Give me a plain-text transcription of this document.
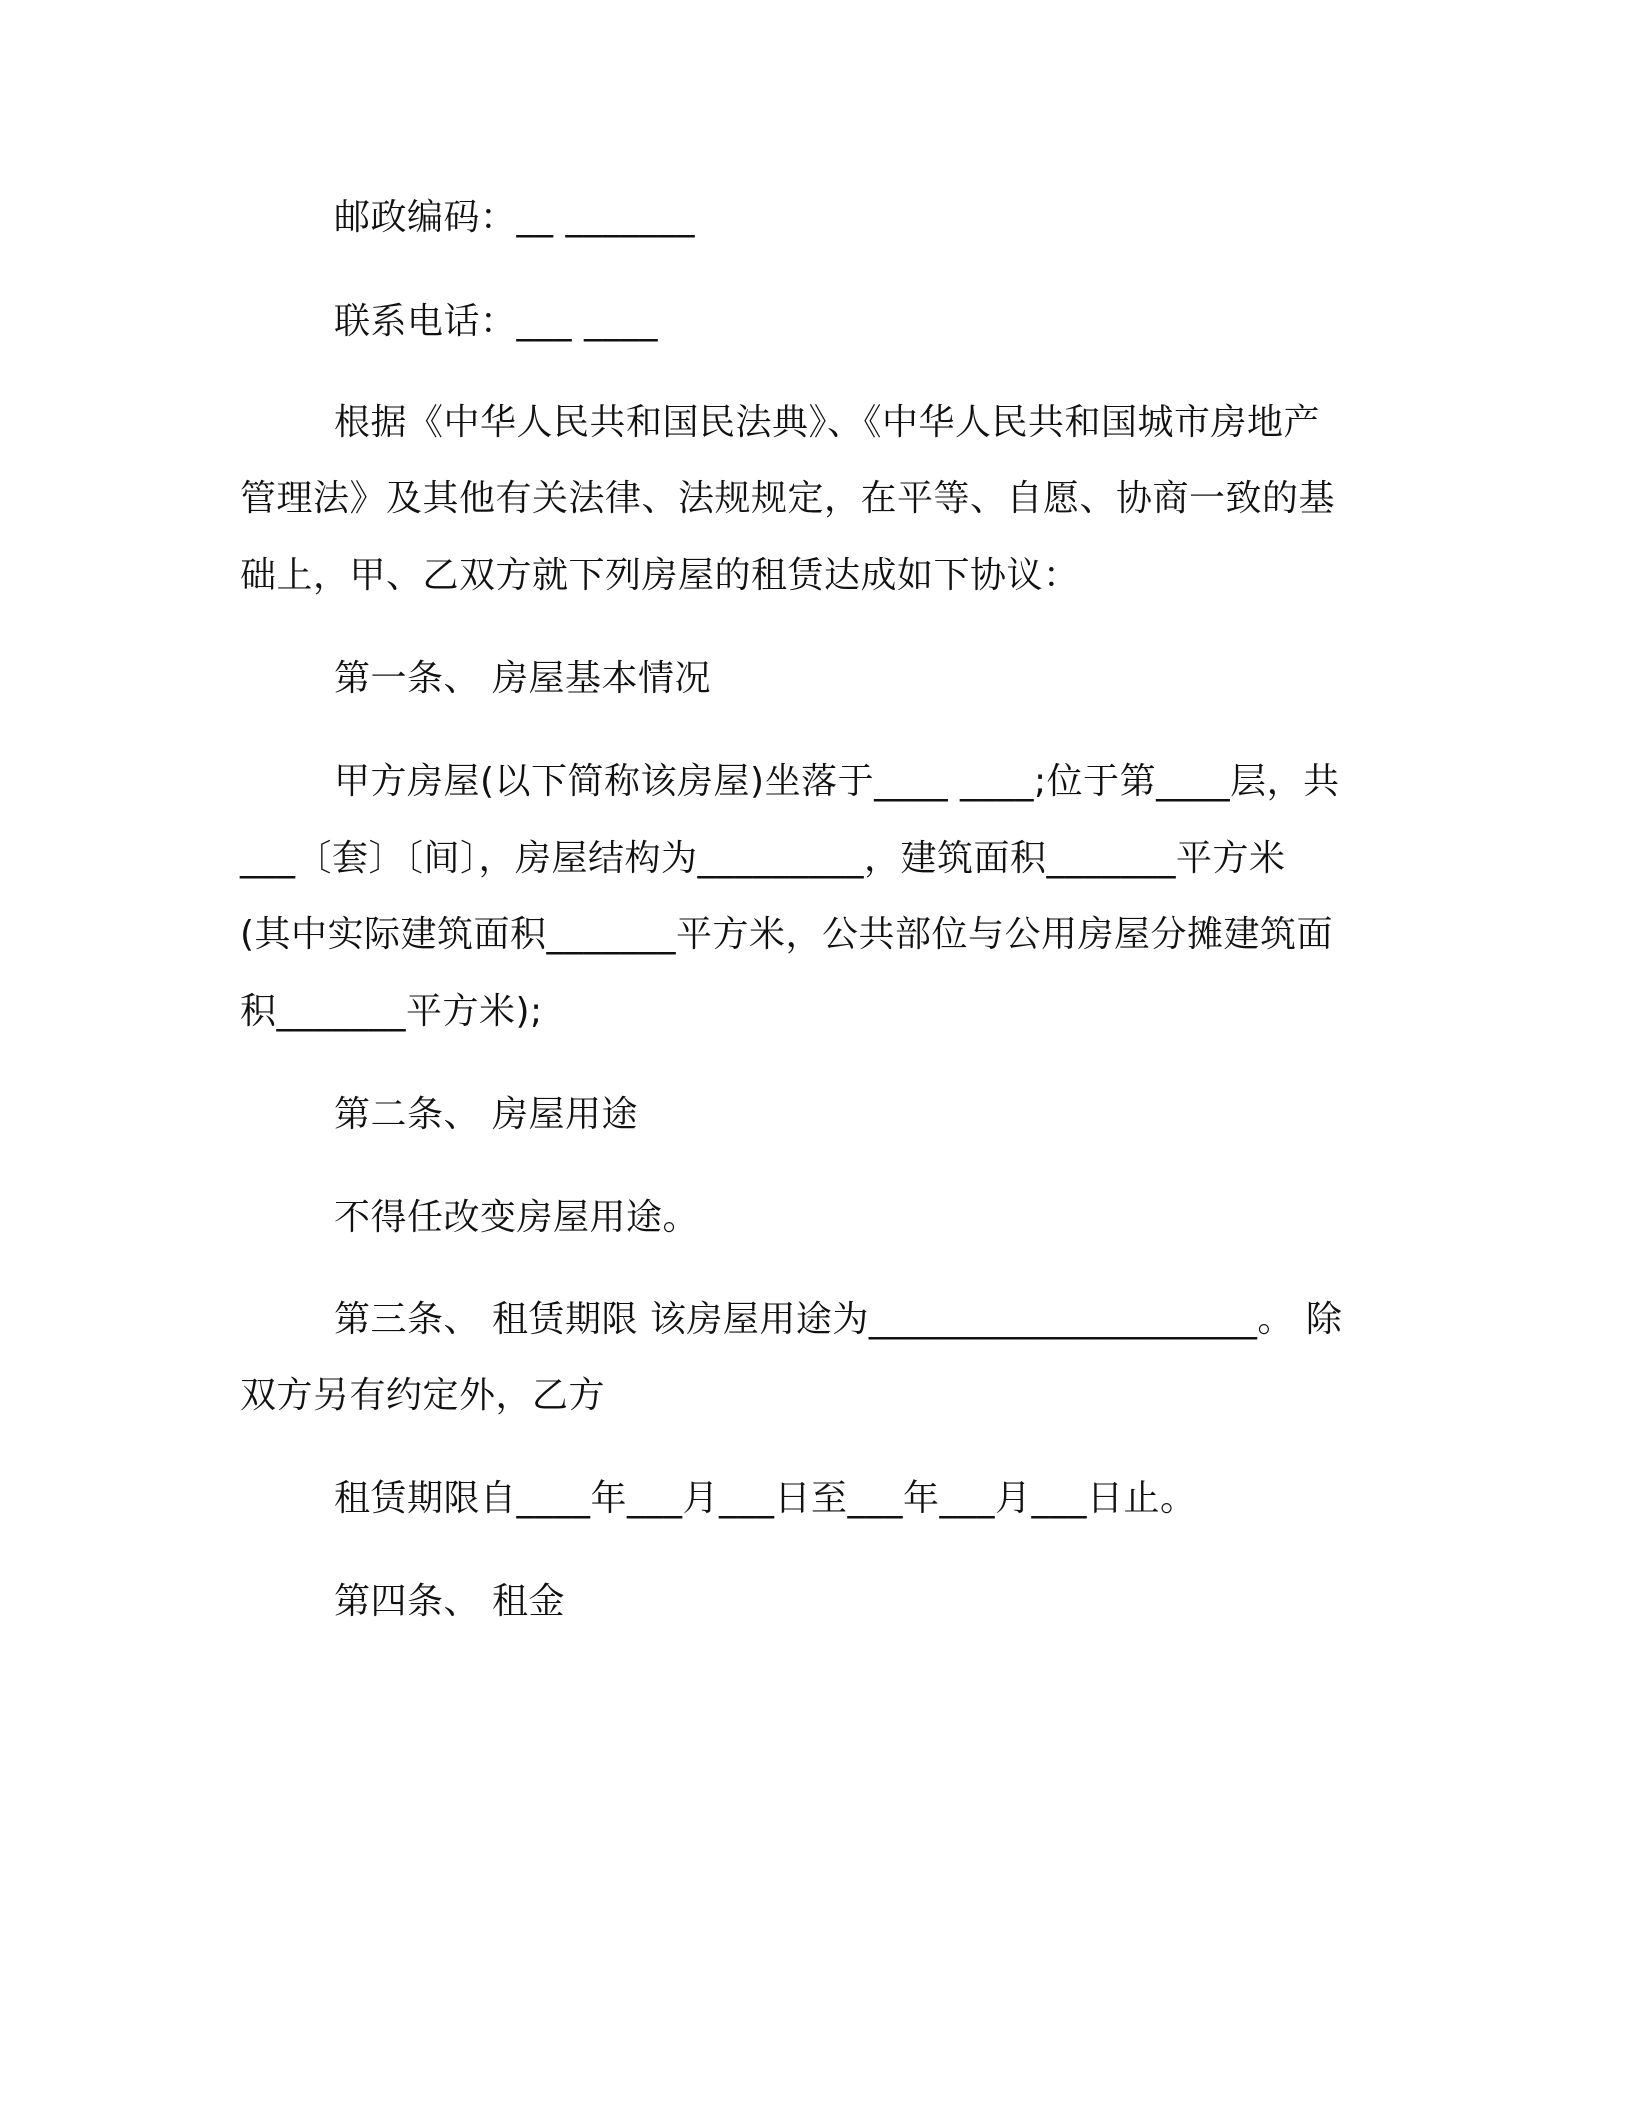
邮政编码：__ _______

联系电话：___ ____

根据《中华人民共和国民法典》、《中华人民共和国城市房地产

管理法》及其他有关法律、法规规定，在平等、自愿、协商一致的基

础上，甲、乙双方就下列房屋的租赁达成如下协议：

第一条、 房屋基本情况

甲方房屋(以下简称该房屋)坐落于____ ____;位于第____层，共

___〔套〕〔间〕，房屋结构为_________，建筑面积_______平方米

(其中实际建筑面积_______平方米，公共部位与公用房屋分摊建筑面

积_______平方米);

第二条、 房屋用途

不得任改变房屋用途。

第三条、 租赁期限 该房屋用途为_____________________。 除

双方另有约定外，乙方

租赁期限自____年___月___日至___年___月___日止。

第四条、 租金
